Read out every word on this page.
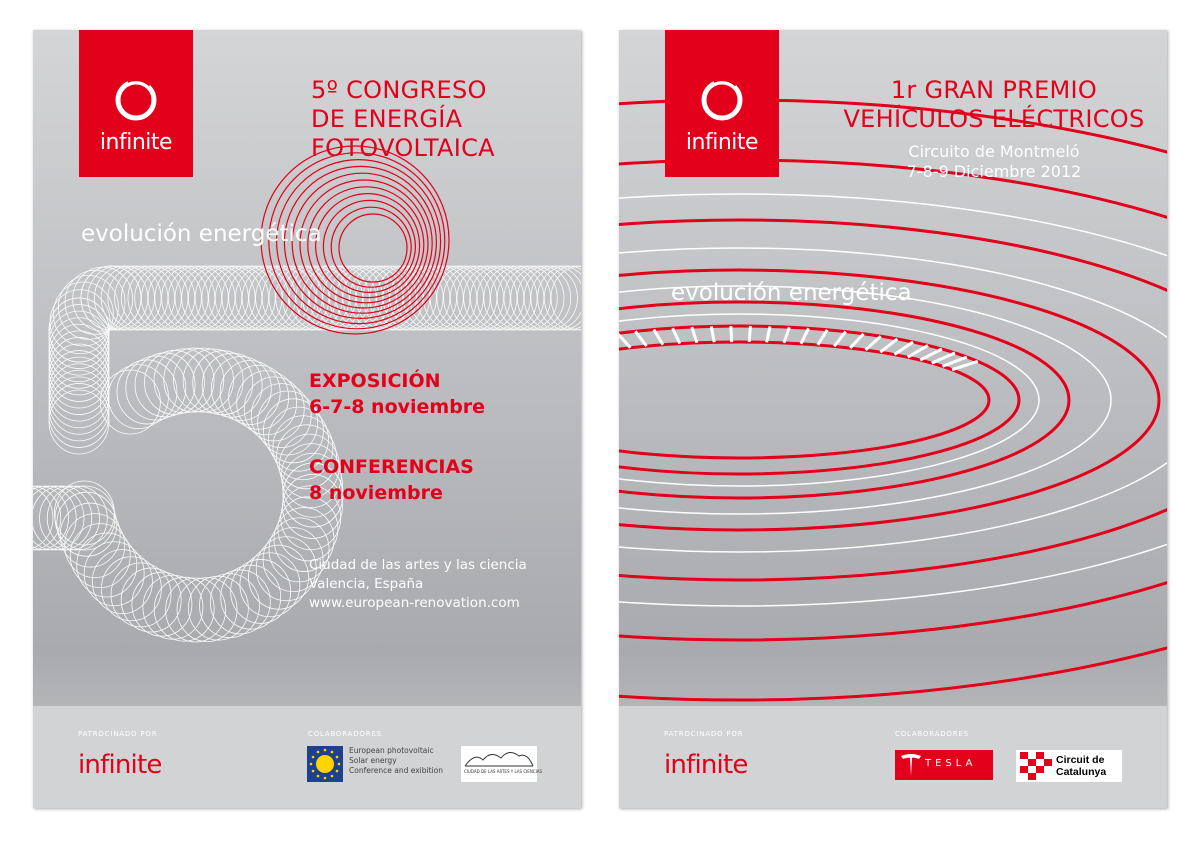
infinite
5º CONGRESO
DE ENERGÍA
FOTOVOLTAICA
evolución energética
EXPOSICIÓN
6-7-8 noviembre
CONFERENCIAS
8 noviembre
Ciudad de las artes y las ciencia
Valencia, España
www.european-renovation.com
PATROCINADO POR
infinite
COLABORADORES
European photovoltaic
Solar energy
Conference and exibition	CIUDAD DE LAS ARTES Y LAS CIENCIAS
infinite
1r GRAN PREMIO
VEHÍCULOS ELÉCTRICOS
Circuito de Montmeló
7-8-9 Diciembre 2012
evolución energética
PATROCINADO POR
infinite
COLABORADORES
TESLA	Circuit de
Catalunya
